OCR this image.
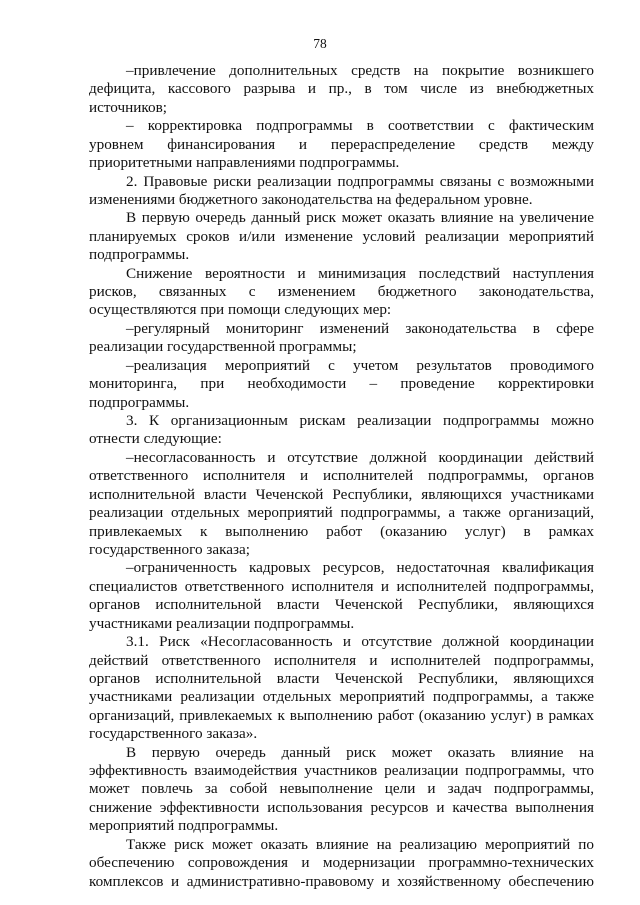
78
–привлечение дополнительных средств на покрытие возникшего
дефицита, кассового разрыва и пр., в том числе из внебюджетных
источников;
– корректировка подпрограммы в соответствии с фактическим
уровнем финансирования и перераспределение средств между
приоритетными направлениями подпрограммы.
2. Правовые риски реализации подпрограммы связаны с возможными
изменениями бюджетного законодательства на федеральном уровне.
В первую очередь данный риск может оказать влияние на увеличение
планируемых сроков и/или изменение условий реализации мероприятий
подпрограммы.
Снижение вероятности и минимизация последствий наступления
рисков, связанных с изменением бюджетного законодательства,
осуществляются при помощи следующих мер:
–регулярный мониторинг изменений законодательства в сфере
реализации государственной программы;
–реализация мероприятий с учетом результатов проводимого
мониторинга, при необходимости – проведение корректировки
подпрограммы.
3. К организационным рискам реализации подпрограммы можно
отнести следующие:
–несогласованность и отсутствие должной координации действий
ответственного исполнителя и исполнителей подпрограммы, органов
исполнительной власти Чеченской Республики, являющихся участниками
реализации отдельных мероприятий подпрограммы, а также организаций,
привлекаемых к выполнению работ (оказанию услуг) в рамках
государственного заказа;
–ограниченность кадровых ресурсов, недостаточная квалификация
специалистов ответственного исполнителя и исполнителей подпрограммы,
органов исполнительной власти Чеченской Республики, являющихся
участниками реализации подпрограммы.
3.1. Риск «Несогласованность и отсутствие должной координации
действий ответственного исполнителя и исполнителей подпрограммы,
органов исполнительной власти Чеченской Республики, являющихся
участниками реализации отдельных мероприятий подпрограммы, а также
организаций, привлекаемых к выполнению работ (оказанию услуг) в рамках
государственного заказа».
В первую очередь данный риск может оказать влияние на
эффективность взаимодействия участников реализации подпрограммы, что
может повлечь за собой невыполнение цели и задач подпрограммы,
снижение эффективности использования ресурсов и качества выполнения
мероприятий подпрограммы.
Также риск может оказать влияние на реализацию мероприятий по
обеспечению сопровождения и модернизации программно-технических
комплексов и административно-правовому и хозяйственному обеспечению
